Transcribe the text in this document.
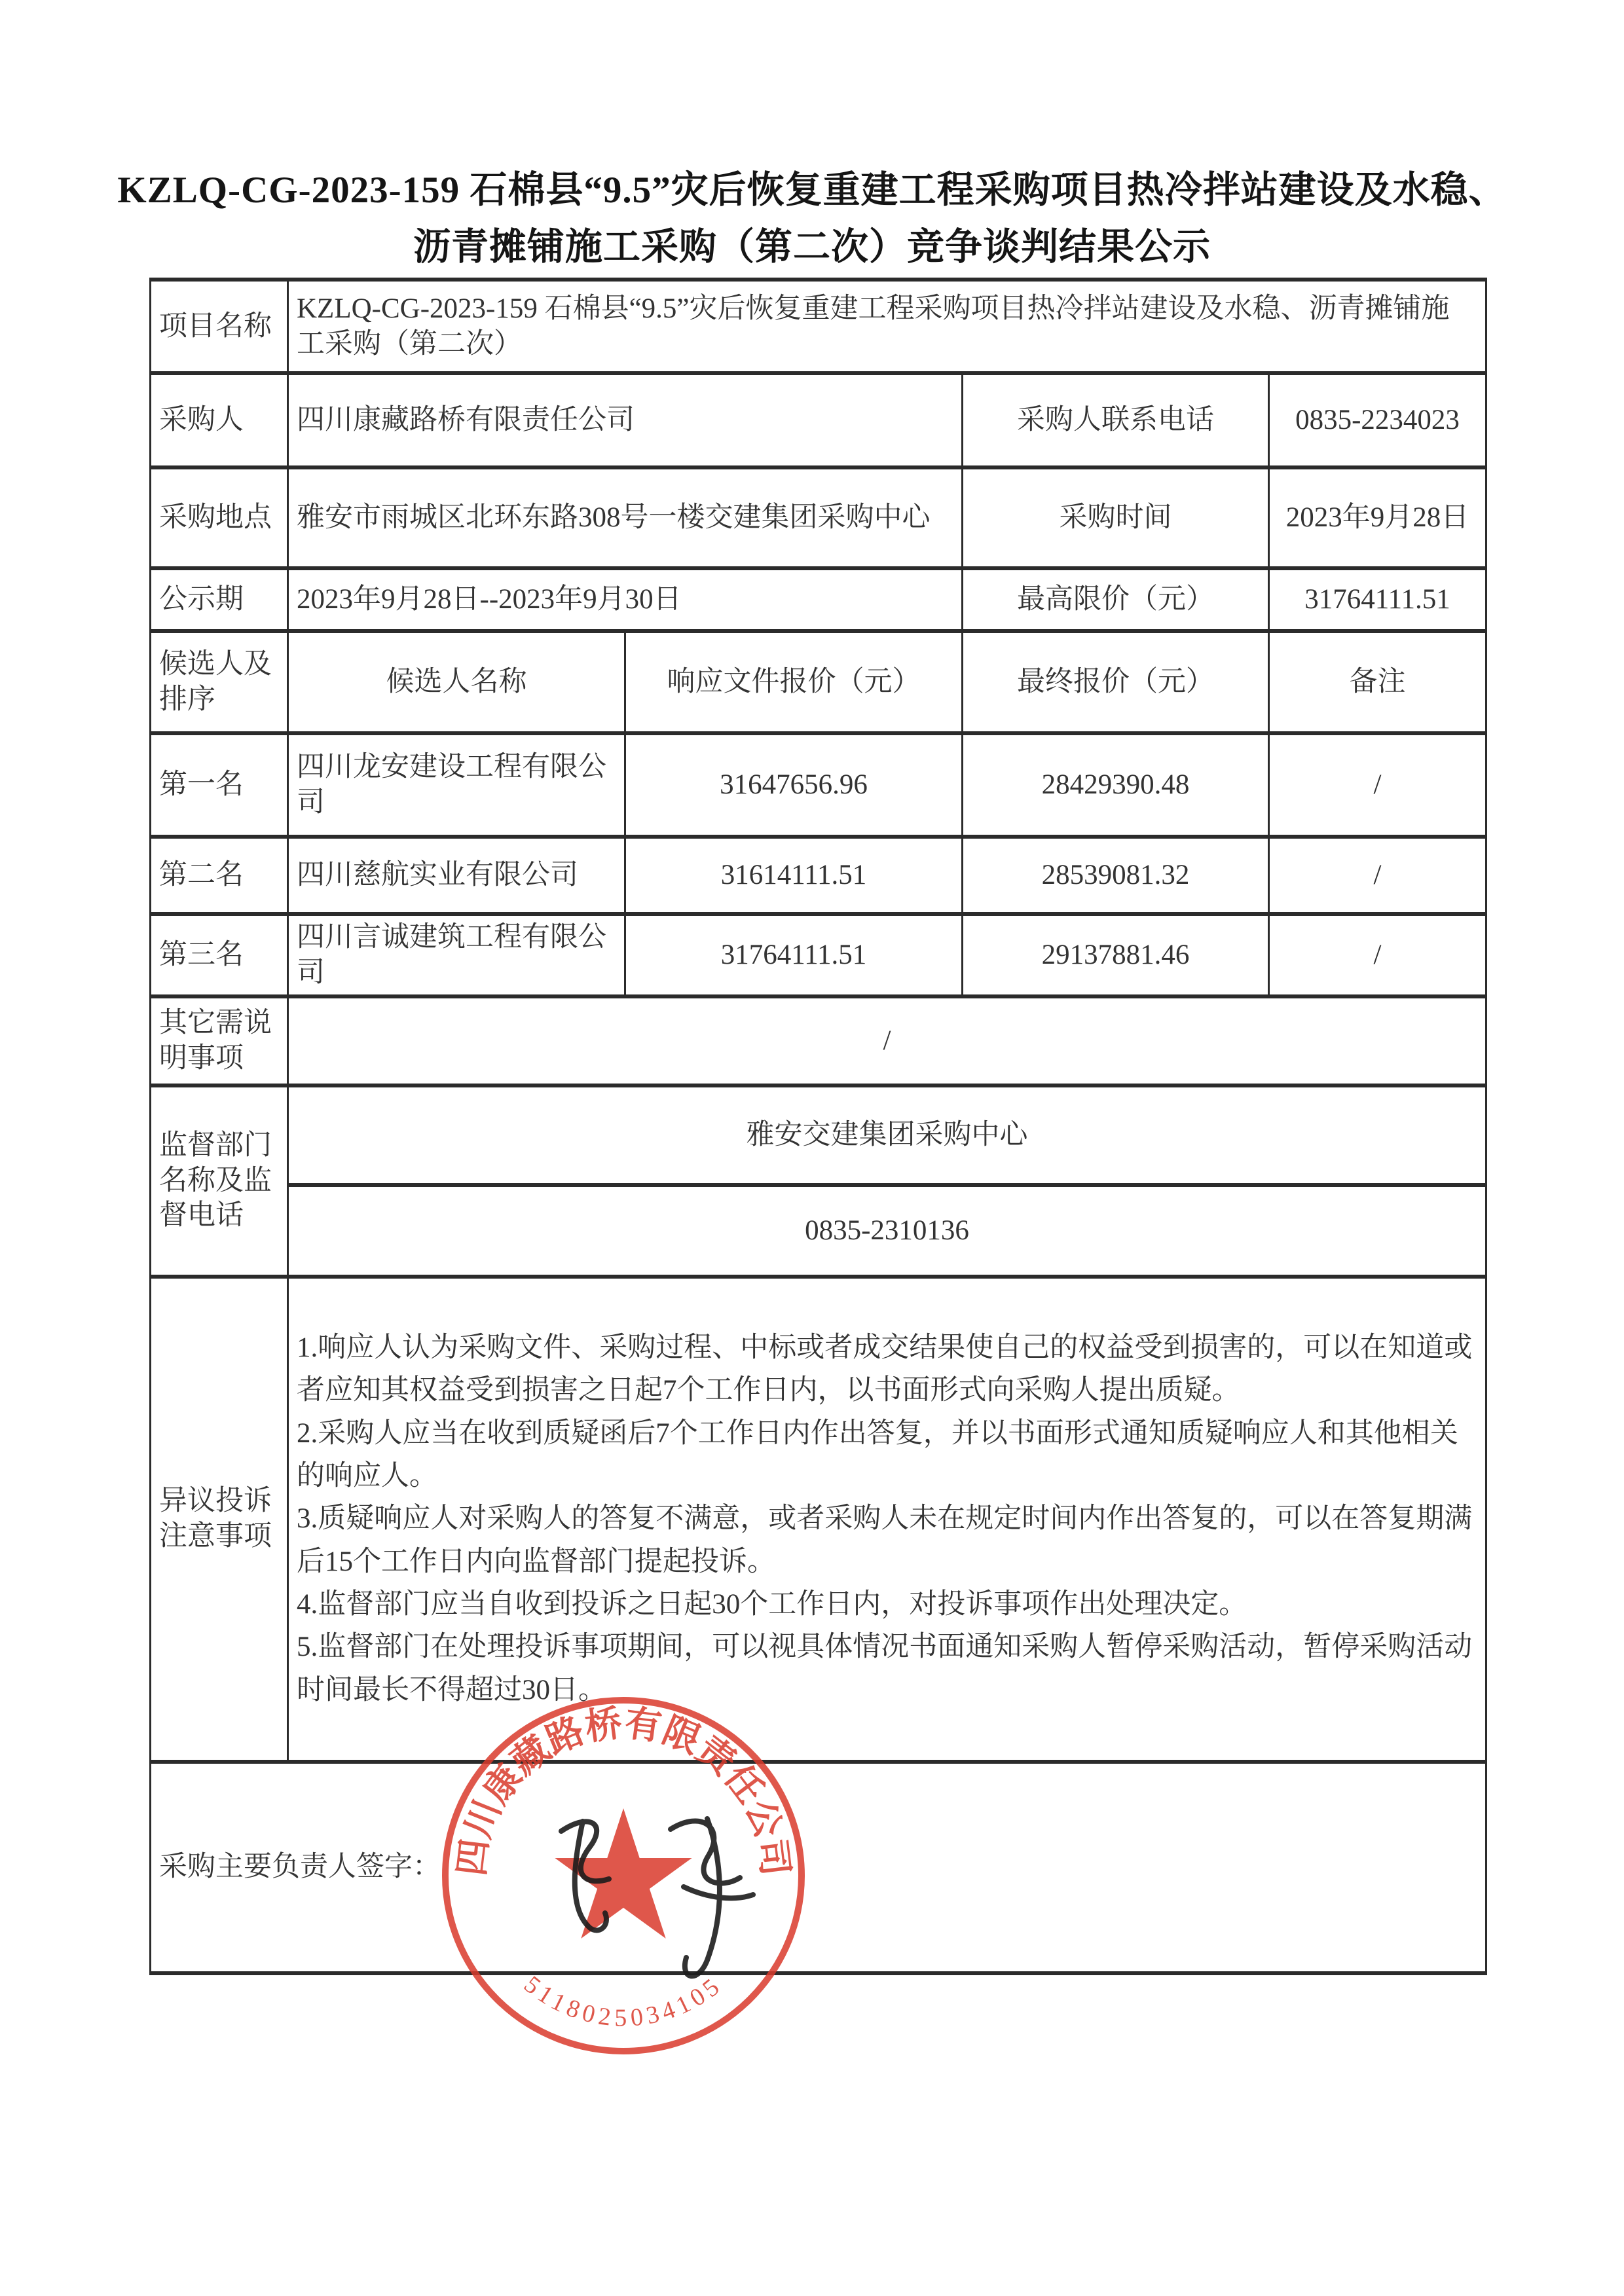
KZLQ-CG-2023-159 石棉县“9.5”灾后恢复重建工程采购项目热冷拌站建设及水稳、沥青摊铺施工采购（第二次）竞争谈判结果公示
项目名称	KZLQ-CG-2023-159 石棉县“9.5”灾后恢复重建工程采购项目热冷拌站建设及水稳、沥青摊铺施工采购（第二次）			
采购人	四川康藏路桥有限责任公司		采购人联系电话	0835-2234023
采购地点	雅安市雨城区北环东路308号一楼交建集团采购中心		采购时间	2023年9月28日
公示期	2023年9月28日--2023年9月30日		最高限价（元）	31764111.51
候选人及排序	候选人名称	响应文件报价（元）	最终报价（元）	备注
第一名	四川龙安建设工程有限公司	31647656.96	28429390.48	/
第二名	四川慈航实业有限公司	31614111.51	28539081.32	/
第三名	四川言诚建筑工程有限公司	31764111.51	29137881.46	/
其它需说明事项	/			
监督部门名称及监督电话	雅安交建集团采购中心			
	0835-2310136			
异议投诉注意事项	1.响应人认为采购文件、采购过程、中标或者成交结果使自己的权益受到损害的，可以在知道或者应知其权益受到损害之日起7个工作日内，以书面形式向采购人提出质疑。
2.采购人应当在收到质疑函后7个工作日内作出答复，并以书面形式通知质疑响应人和其他相关的响应人。
3.质疑响应人对采购人的答复不满意，或者采购人未在规定时间内作出答复的，可以在答复期满后15个工作日内向监督部门提起投诉。
4.监督部门应当自收到投诉之日起30个工作日内，对投诉事项作出处理决定。
5.监督部门在处理投诉事项期间，可以视具体情况书面通知采购人暂停采购活动，暂停采购活动时间最长不得超过30日。			

采购主要负责人签字：				四川康藏路桥有限责任公司
5118025034105
